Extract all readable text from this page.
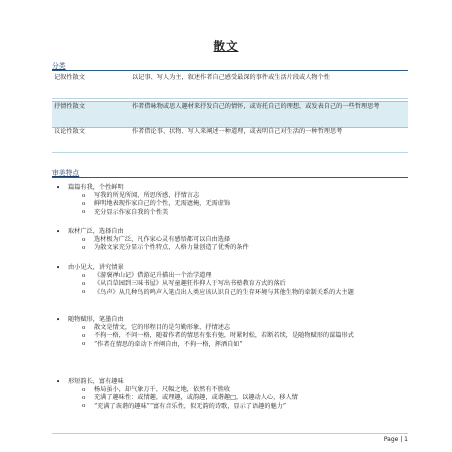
散文
分类
记叙性散文	以记事、写人为主，叙述作者自己感受最深的事件或生活片段或人物个性
抒情性散文	作者借咏物或思人趣材来抒发自己的情怀，或寄托自己的理想，或发表自己的一些哲理思考
议论性散文	作者借论事、状物、写人来阐述一种道理，或表明自己对生活的一种哲理思考
审美特点
• 篇篇有我，个性鲜明
o 写我的所见所闻、所思所感、抒情言志
o 鲜明地表现作家自己的个性，无需遮掩，无需虚饰
o 充分显示作家自我的个性美
• 取材广泛，选择自由
o 选材极为广泛，凡作家心灵有感悟都可以自由选择
o 为散文家充分显示个性特点，人格力量创造了优秀的条件
• 由小见大，讲究情景
o 《游褒禅山记》借游记升描出一个治学道理
o 《从百草园到三味书屋》从写童趣狂作抑人于写出书塾教育方式的落后
o 《鸟声》从几种鸟的鸣声入笔点出人类应该认识自己的生存环境与其他生物的牵制关系的大主题
• 随物赋形，笔墨自由
o 散文是情文，它的形程目的是匀勤形象、抒情述志
o 不拘一格，不问一格，随着作者的情思有张有弛，时紧时松，若断若续，是随物赋形的谋篇形式
o “作者在情思的牵动下并阐自由，不拘一格，挥洒自如”
• 形短韵长，富有趣味
o 杨局虽小，却气象万千，尺幅之地，依然有不胜收
o 充满了趣味性：或情趣，或理趣，或韵趣，或谐趣□，以趣动人心，移人情
o “充满了诙谐的趣味”“富有音乐性，似无韵的诗歌，显示了语趣的魅力”
Page | 1
